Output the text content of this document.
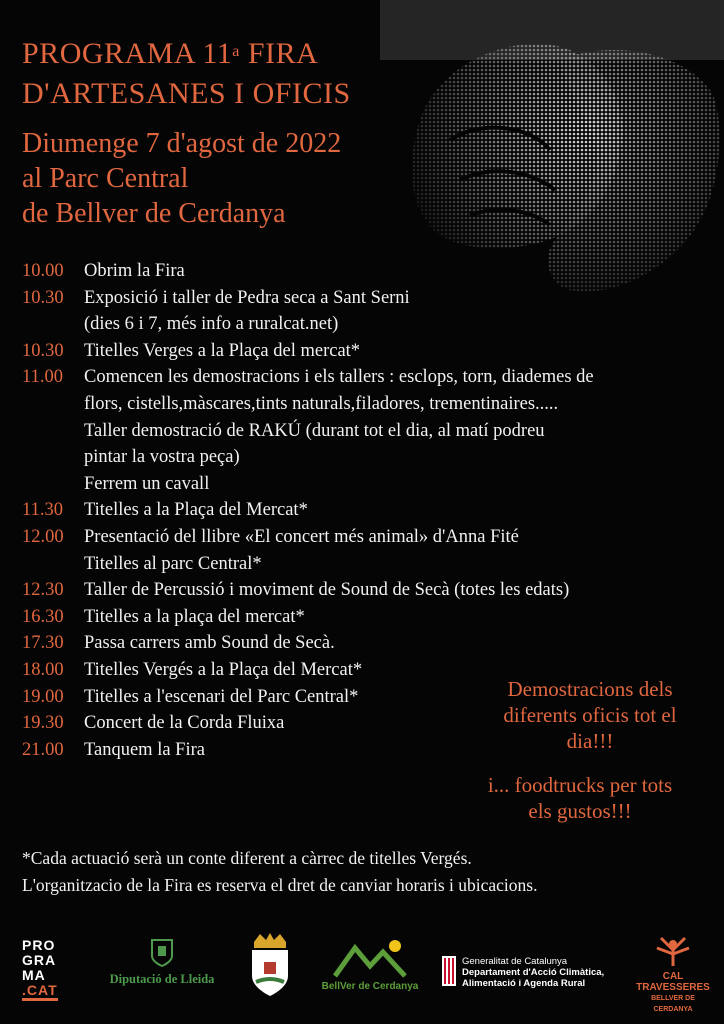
PROGRAMA 11$^a$ FIRA
D'ARTESANES I OFICIS
Diumenge 7 d'agost de 2022
al Parc Central
de Bellver de Cerdanya
10.00	Obrim la Fira
10.30	Exposició i taller de Pedra seca a Sant Serni
(dies 6 i 7, més info a ruralcat.net)
10.30	Titelles Verges a la Plaça del mercat*
11.00	Comencen les demostracions i els tallers : esclops, torn, diademes de
flors, cistells,màscares,tints naturals,filadores, trementinaires.....
Taller demostració de RAKÚ (durant tot el dia, al matí podreu
pintar la vostra peça)
Ferrem un cavall
11.30	Titelles a la Plaça del Mercat*
12.00	Presentació del llibre «El concert més animal» d'Anna Fité
Titelles al parc Central*
12.30	Taller de Percussió i moviment de Sound de Secà (totes les edats)
16.30	Titelles a la plaça del mercat*
17.30	Passa carrers amb Sound de Secà.
18.00	Titelles Vergés a la Plaça del Mercat*
19.00	Titelles a l'escenari del Parc Central*
19.30	Concert de la Corda Fluixa
21.00	Tanquem la Fira
Demostracions dels
diferents oficis tot el
dia!!!
i... foodtrucks per tots
els gustos!!!
*Cada actuació serà un conte diferent a càrrec de titelles Vergés.
L'organitzacio de la Fira es reserva el dret de canviar horaris i ubicacions.
PRO
GRA
MA
.CAT
Diputació de Lleida
BellVer de Cerdanya
Generalitat de Catalunya
Departament d'Acció Climàtica,
Alimentació i Agenda Rural
CAL
TRAVESSERES
BELLVER DE CERDANYA
